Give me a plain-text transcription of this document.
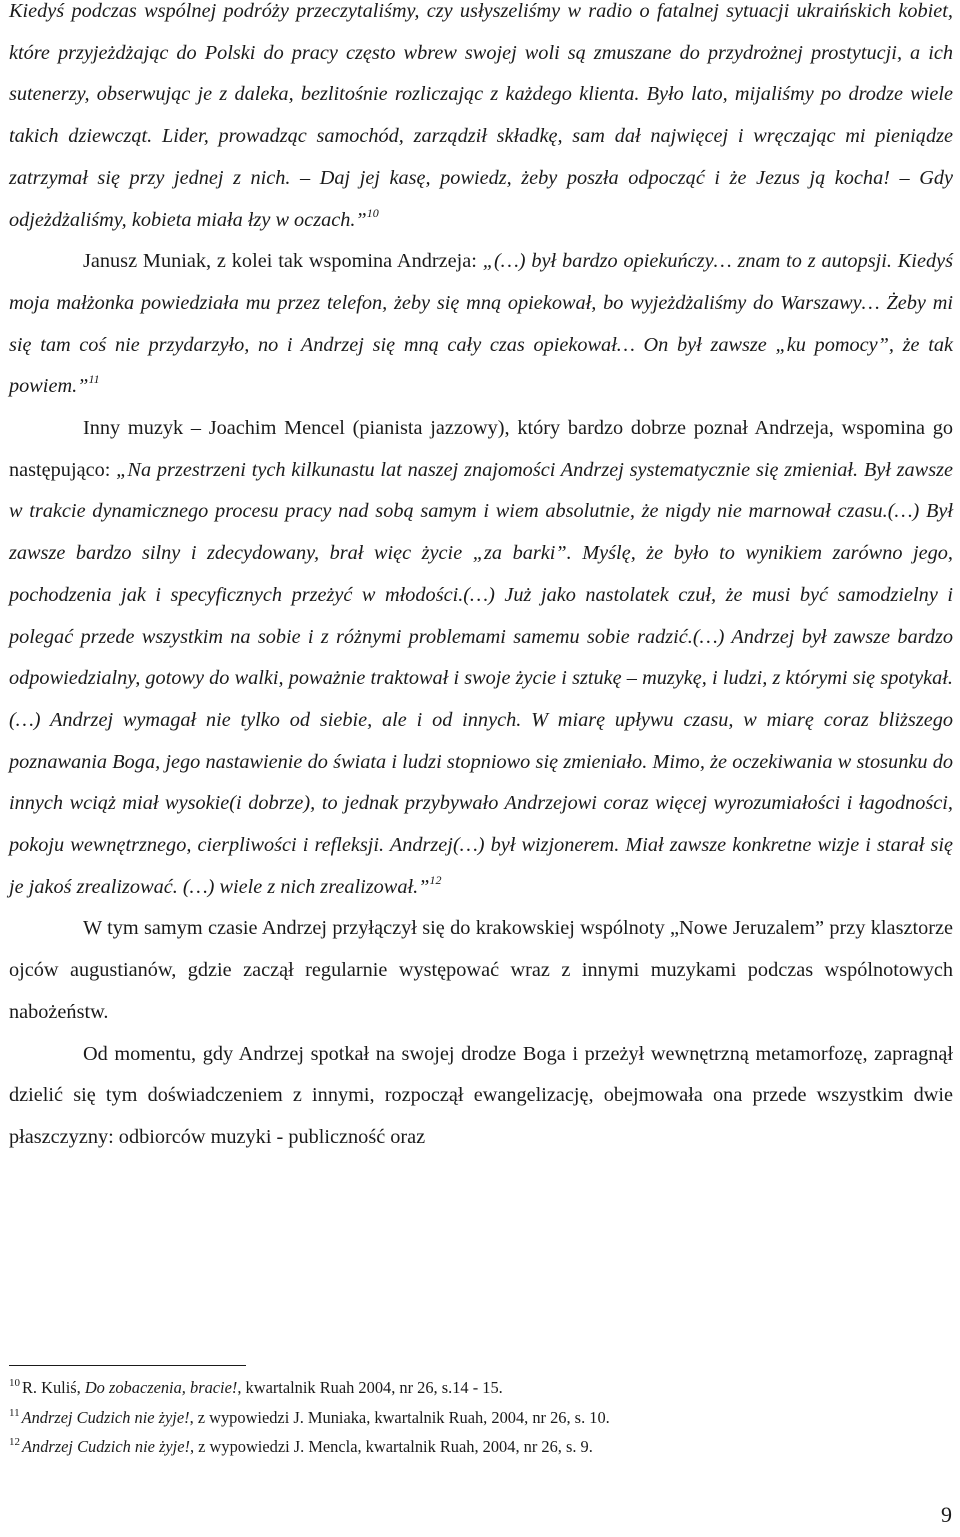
Kiedyś podczas wspólnej podróży przeczytaliśmy, czy usłyszeliśmy w radio o fatalnej sytuacji ukraińskich kobiet, które przyjeżdżając do Polski do pracy często wbrew swojej woli są zmuszane do przydrożnej prostytucji, a ich sutenerzy, obserwując je z daleka, bezlitośnie rozliczając z każdego klienta. Było lato, mijaliśmy po drodze wiele takich dziewcząt. Lider, prowadząc samochód, zarządził składkę, sam dał najwięcej i wręczając mi pieniądze zatrzymał się przy jednej z nich. – Daj jej kasę, powiedz, żeby poszła odpocząć i że Jezus ją kocha! – Gdy odjeżdżaliśmy, kobieta miała łzy w oczach.”$^{10}$

Janusz Muniak, z kolei tak wspomina Andrzeja: „(…) był bardzo opiekuńczy… znam to z autopsji. Kiedyś moja małżonka powiedziała mu przez telefon, żeby się mną opiekował, bo wyjeżdżaliśmy do Warszawy… Żeby mi się tam coś nie przydarzyło, no i Andrzej się mną cały czas opiekował… On był zawsze „ku pomocy”, że tak powiem.”$^{11}$

Inny muzyk – Joachim Mencel (pianista jazzowy), który bardzo dobrze poznał Andrzeja, wspomina go następująco: „Na przestrzeni tych kilkunastu lat naszej znajomości Andrzej systematycznie się zmieniał. Był zawsze w trakcie dynamicznego procesu pracy nad sobą samym i wiem absolutnie, że nigdy nie marnował czasu.(…) Był zawsze bardzo silny i zdecydowany, brał więc życie „za barki”. Myślę, że było to wynikiem zarówno jego, pochodzenia jak i specyficznych przeżyć w młodości.(…) Już jako nastolatek czuł, że musi być samodzielny i polegać przede wszystkim na sobie i z różnymi problemami samemu sobie radzić.(…) Andrzej był zawsze bardzo odpowiedzialny, gotowy do walki, poważnie traktował i swoje życie i sztukę – muzykę, i ludzi, z którymi się spotykał.(…) Andrzej wymagał nie tylko od siebie, ale i od innych. W miarę upływu czasu, w miarę coraz bliższego poznawania Boga, jego nastawienie do świata i ludzi stopniowo się zmieniało. Mimo, że oczekiwania w stosunku do innych wciąż miał wysokie(i dobrze), to jednak przybywało Andrzejowi coraz więcej wyrozumiałości i łagodności, pokoju wewnętrznego, cierpliwości i refleksji. Andrzej(…) był wizjonerem. Miał zawsze konkretne wizje i starał się je jakoś zrealizować. (…) wiele z nich zrealizował.”$^{12}$

W tym samym czasie Andrzej przyłączył się do krakowskiej wspólnoty „Nowe Jeruzalem” przy klasztorze ojców augustianów, gdzie zaczął regularnie występować wraz z innymi muzykami podczas wspólnotowych nabożeństw.

Od momentu, gdy Andrzej spotkał na swojej drodze Boga i przeżył wewnętrzną metamorfozę, zapragnął dzielić się tym doświadczeniem z innymi, rozpoczął ewangelizację, obejmowała ona przede wszystkim dwie płaszczyzny: odbiorców muzyki - publiczność oraz

$^{10}$ R. Kuliś, Do zobaczenia, bracie!, kwartalnik Ruah 2004, nr 26, s.14 - 15.

$^{11}$ Andrzej Cudzich nie żyje!, z wypowiedzi J. Muniaka, kwartalnik Ruah, 2004, nr 26, s. 10.

$^{12}$ Andrzej Cudzich nie żyje!, z wypowiedzi J. Mencla, kwartalnik Ruah, 2004, nr 26, s. 9.

9
